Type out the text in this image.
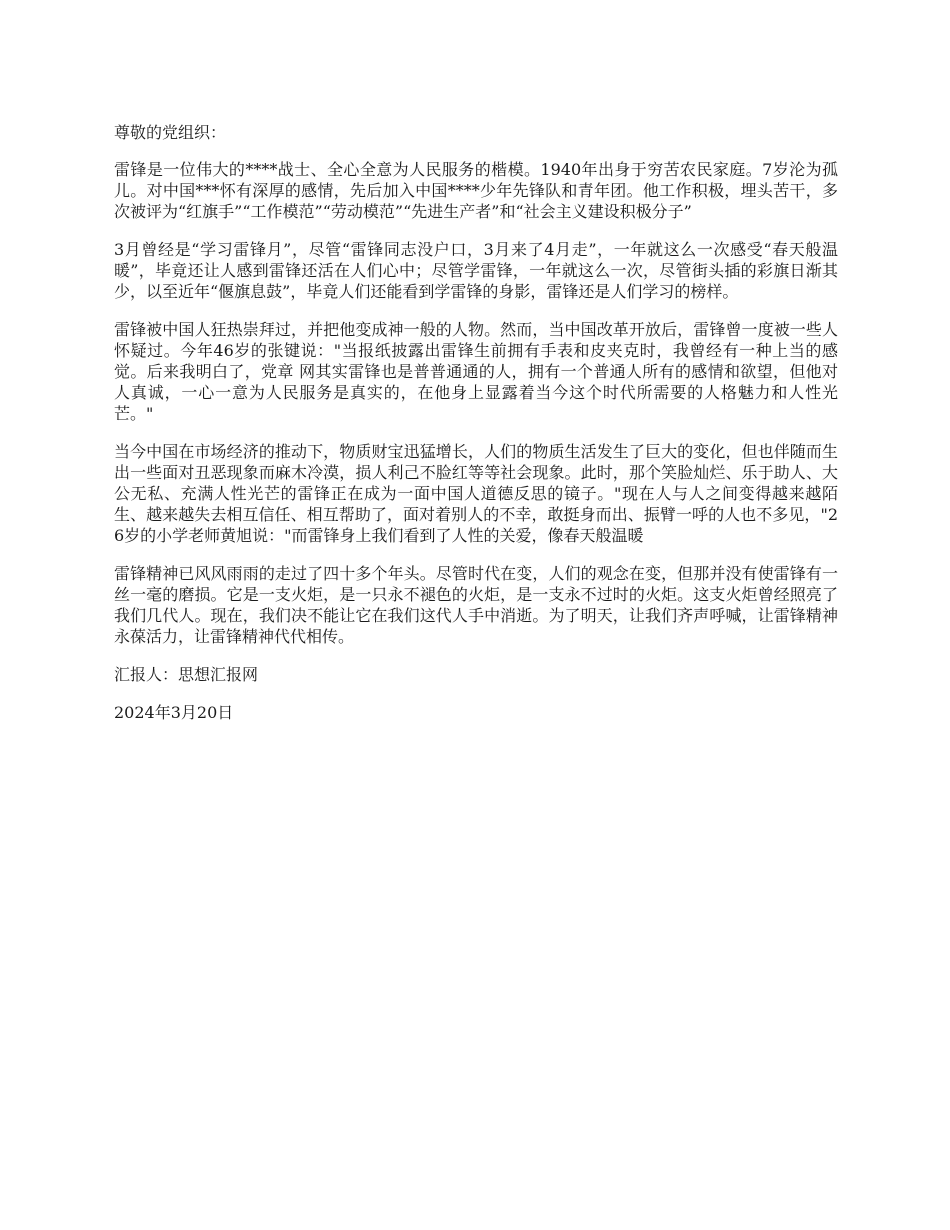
尊敬的党组织：

雷锋是一位伟大的****战士、全心全意为人民服务的楷模。1940年出身于穷苦农民家庭。7岁沦为孤儿。对中国***怀有深厚的感情，先后加入中国****少年先锋队和青年团。他工作积极，埋头苦干，多次被评为“红旗手”“工作模范”“劳动模范”“先进生产者”和“社会主义建设积极分子”

3月曾经是“学习雷锋月”，尽管“雷锋同志没户口，3月来了4月走”，一年就这么一次感受“春天般温暖”，毕竟还让人感到雷锋还活在人们心中；尽管学雷锋，一年就这么一次，尽管街头插的彩旗日渐其少，以至近年“偃旗息鼓”，毕竟人们还能看到学雷锋的身影，雷锋还是人们学习的榜样。

雷锋被中国人狂热崇拜过，并把他变成神一般的人物。然而，当中国改革开放后，雷锋曾一度被一些人怀疑过。今年46岁的张键说："当报纸披露出雷锋生前拥有手表和皮夹克时，我曾经有一种上当的感觉。后来我明白了，党章 网其实雷锋也是普普通通的人，拥有一个普通人所有的感情和欲望，但他对人真诚，一心一意为人民服务是真实的，在他身上显露着当今这个时代所需要的人格魅力和人性光芒。"

当今中国在市场经济的推动下，物质财宝迅猛增长，人们的物质生活发生了巨大的变化，但也伴随而生出一些面对丑恶现象而麻木冷漠，损人利己不脸红等等社会现象。此时，那个笑脸灿烂、乐于助人、大公无私、充满人性光芒的雷锋正在成为一面中国人道德反思的镜子。"现在人与人之间变得越来越陌生、越来越失去相互信任、相互帮助了，面对着别人的不幸，敢挺身而出、振臂一呼的人也不多见，"26岁的小学老师黄旭说："而雷锋身上我们看到了人性的关爱，像春天般温暖

雷锋精神已风风雨雨的走过了四十多个年头。尽管时代在变，人们的观念在变，但那并没有使雷锋有一丝一毫的磨损。它是一支火炬，是一只永不褪色的火炬，是一支永不过时的火炬。这支火炬曾经照亮了我们几代人。现在，我们决不能让它在我们这代人手中消逝。为了明天，让我们齐声呼喊，让雷锋精神永葆活力，让雷锋精神代代相传。

汇报人：思想汇报网

2024年3月20日
